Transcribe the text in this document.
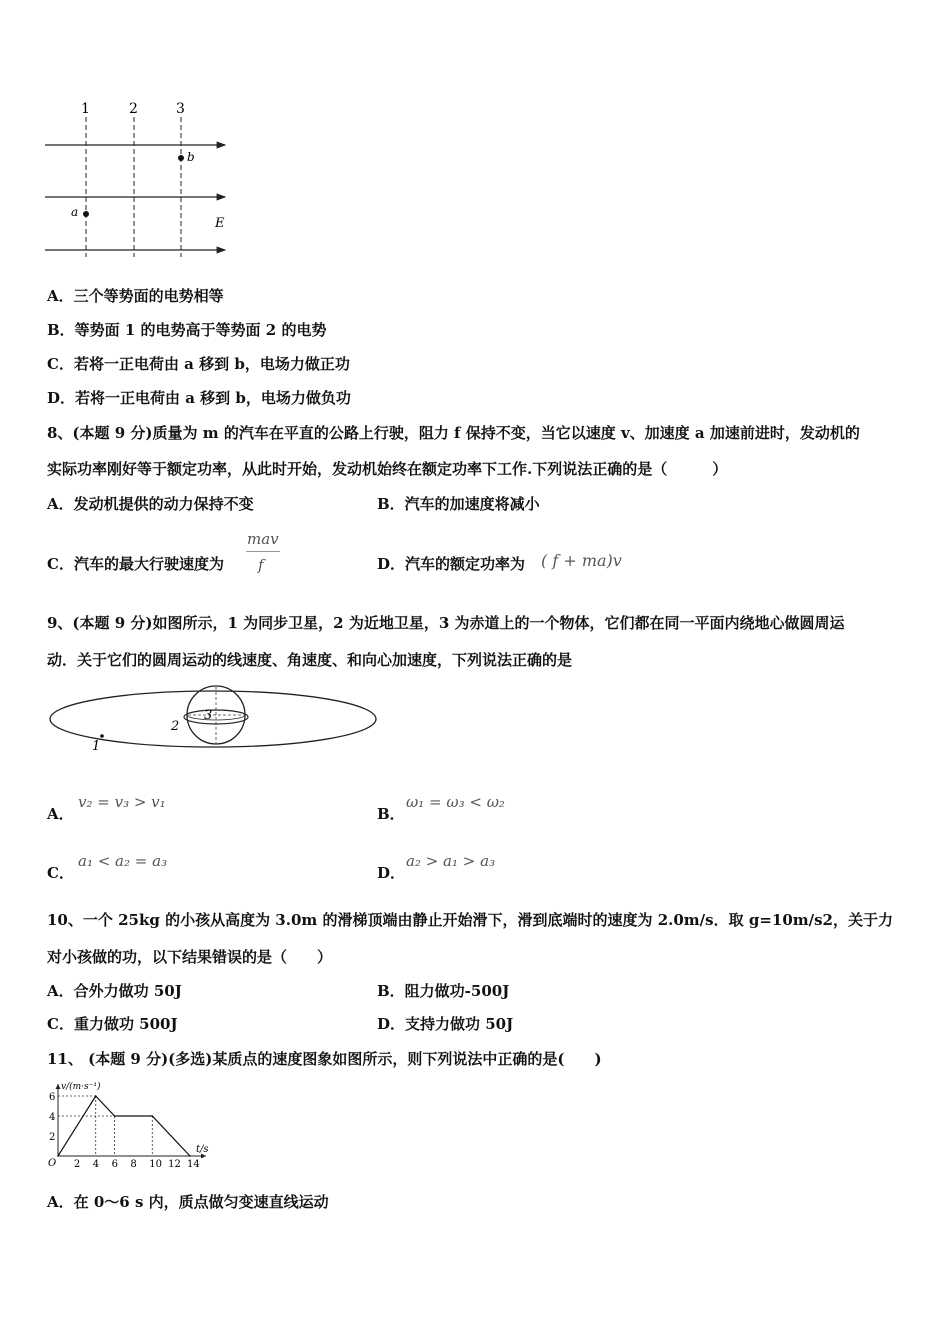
1	2	3
b
a
E
A．三个等势面的电势相等
B．等势面 1 的电势高于等势面 2 的电势
C．若将一正电荷由 a 移到 b，电场力做正功
D．若将一正电荷由 a 移到 b，电场力做负功
8、(本题 9 分)质量为 m 的汽车在平直的公路上行驶，阻力 f 保持不变，当它以速度 v、加速度 a 加速前进时，发动机的
实际功率刚好等于额定功率，从此时开始，发动机始终在额定功率下工作.下列说法正确的是（　　　）
A．发动机提供的动力保持不变	B．汽车的加速度将减小
C．汽车的最大行驶速度为
mav
f	D．汽车的额定功率为 ( f + ma)v
9、(本题 9 分)如图所示，1 为同步卫星，2 为近地卫星，3 为赤道上的一个物体，它们都在同一平面内绕地心做圆周运
动．关于它们的圆周运动的线速度、角速度、和向心加速度，下列说法正确的是
1
2
3
A．
v₂ = v₃ > v₁
B．
ω₁ = ω₃ < ω₂
C．
a₁ < a₂ = a₃
D．
a₂ > a₁ > a₃
10、一个 25kg 的小孩从高度为 3.0m 的滑梯顶端由静止开始滑下，滑到底端时的速度为 2.0m/s．取 g=10m/s2，关于力
对小孩做的功，以下结果错误的是（　　）
A．合外力做功 50J	B．阻力做功-500J
C．重力做功 500J	D．支持力做功 50J
11、 (本题 9 分)(多选)某质点的速度图象如图所示，则下列说法中正确的是(　　)
2 4 6 8 10 12 14
2
4
6
O
t/s
v/(m·s⁻¹)
A．在 0～6 s 内，质点做匀变速直线运动
